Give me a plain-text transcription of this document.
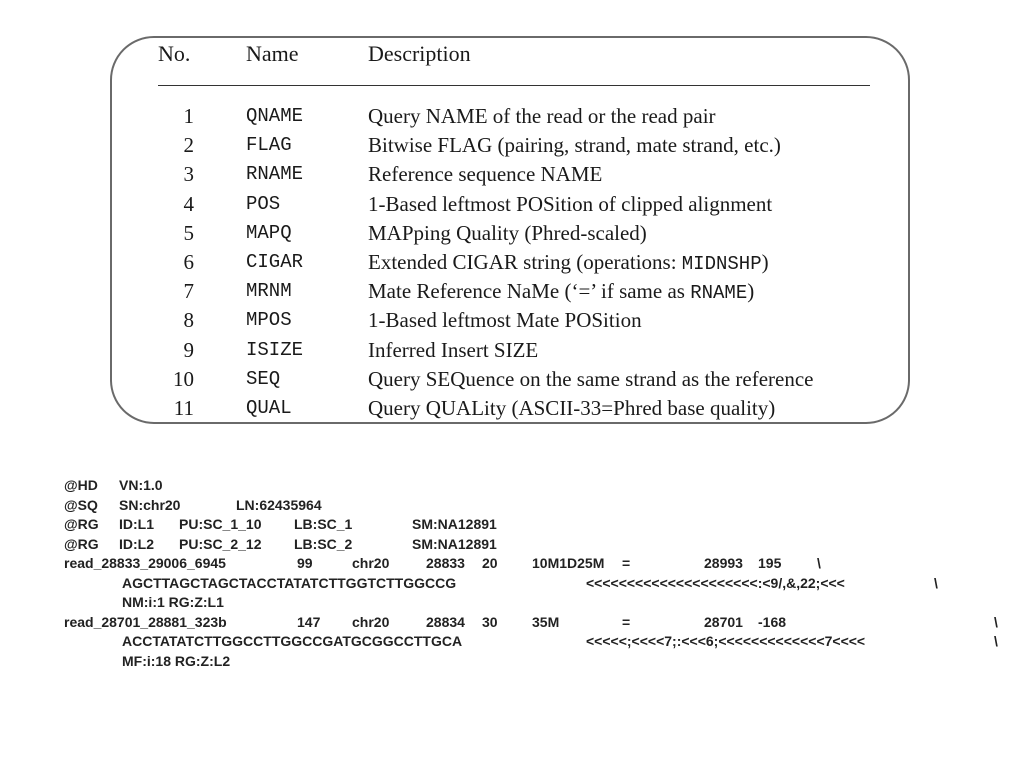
No.	Name	Description
1	QNAME	Query NAME of the read or the read pair
2	FLAG	Bitwise FLAG (pairing, strand, mate strand, etc.)
3	RNAME	Reference sequence NAME
4	POS	1-Based leftmost POSition of clipped alignment
5	MAPQ	MAPping Quality (Phred-scaled)
6	CIGAR	Extended CIGAR string (operations: MIDNSHP)
7	MRNM	Mate Reference NaMe (‘=’ if same as RNAME)
8	MPOS	1-Based leftmost Mate POSition
9	ISIZE	Inferred Insert SIZE
10	SEQ	Query SEQuence on the same strand as the reference
11	QUAL	Query QUALity (ASCII-33=Phred base quality)
@HD VN:1.0
@SQ SN:chr20	LN:62435964
@RG ID:L1 PU:SC_1_10 LB:SC_1	SM:NA12891
@RG ID:L2 PU:SC_2_12 LB:SC_2	SM:NA12891
read_28833_29006_6945	99	chr20	28833 20 10M1D25M =	28993 195	\
AGCTTAGCTAGCTACCTATATCTTGGTCTTGGCCG	<<<<<<<<<<<<<<<<<<<<<:<9/,&,22;<<<	\
NM:i:1 RG:Z:L1
read_28701_28881_323b	147 chr20	28834 30 35M	=	28701 -168	\
ACCTATATCTTGGCCTTGGCCGATGCGGCCTTGCA	<<<<<;<<<<7;:<<<6;<<<<<<<<<<<<<7<<<<	\
MF:i:18 RG:Z:L2
